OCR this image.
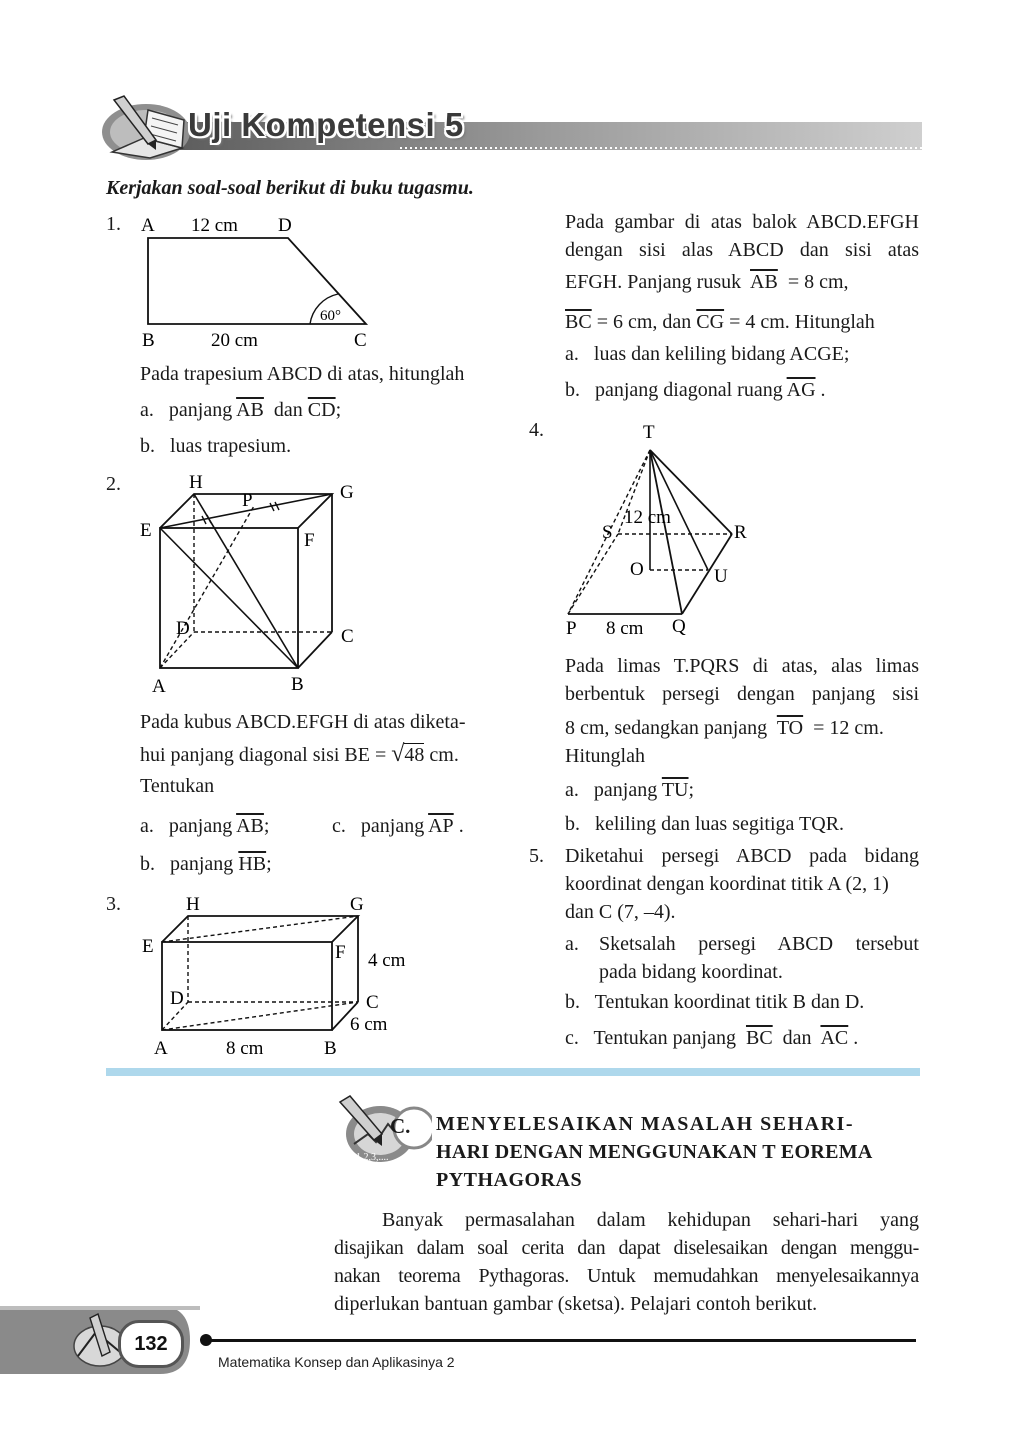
Uji Kompetensi 5
Kerjakan soal-soal berikut di buku tugasmu.
1. A 12 cm D
60°
B	20 cm	C
Pada trapesium ABCD di atas, hitunglah
a. panjang $\overline{AB}$ dan $\overline{CD}$;
b. luas trapesium.
2.	H
P	G
E	F
D	C
A	B
Pada kubus ABCD.EFGH di atas diketa-
hui panjang diagonal sisi BE = √48 cm.
Tentukan
a. panjang $\overline{AB}$;	c. panjang $\overline{AP}$ .
b. panjang $\overline{HB}$;
3.	H	G
E	F 4 cm
D	C
6 cm
A	8 cm	B
Pada gambar di atas balok ABCD.EFGH
dengan sisi alas ABCD dan sisi atas
EFGH. Panjang rusuk $\overline{AB} = 8$ cm,
$\overline{BC} = 6$ cm, dan $\overline{CG} = 4$ cm. Hitunglah
a. luas dan keliling bidang ACGE;
b. panjang diagonal ruang $\overline{AG}$ .
4.	T
12 cm
S	R
O	U
P 8 cm Q
Pada limas T.PQRS di atas, alas limas
berbentuk persegi dengan panjang sisi
8 cm, sedangkan panjang $\overline{TO} = 12$ cm.
Hitunglah
a. panjang $\overline{TU}$;
b. keliling dan luas segitiga TQR.
5. Diketahui persegi ABCD pada bidang
koordinat dengan koordinat titik A (2, 1)
dan C (7, –4).
a. Sketsalah persegi ABCD tersebut
pada bidang koordinat.
b. Tentukan koordinat titik B dan D.
c. Tentukan panjang $\overline{BC}$ dan $\overline{AC}$ .
1,2,3,....
C. MENYELESAIKAN MASALAH SEHARI-
HARI DENGAN MENGGUNAKAN T EOREMA
PYTHAGORAS
Banyak permasalahan dalam kehidupan sehari-hari yang
disajikan dalam soal cerita dan dapat diselesaikan dengan menggu-
nakan teorema Pythagoras. Untuk memudahkan menyelesaikannya
diperlukan bantuan gambar (sketsa). Pelajari contoh berikut.
132
Matematika Konsep dan Aplikasinya 2
